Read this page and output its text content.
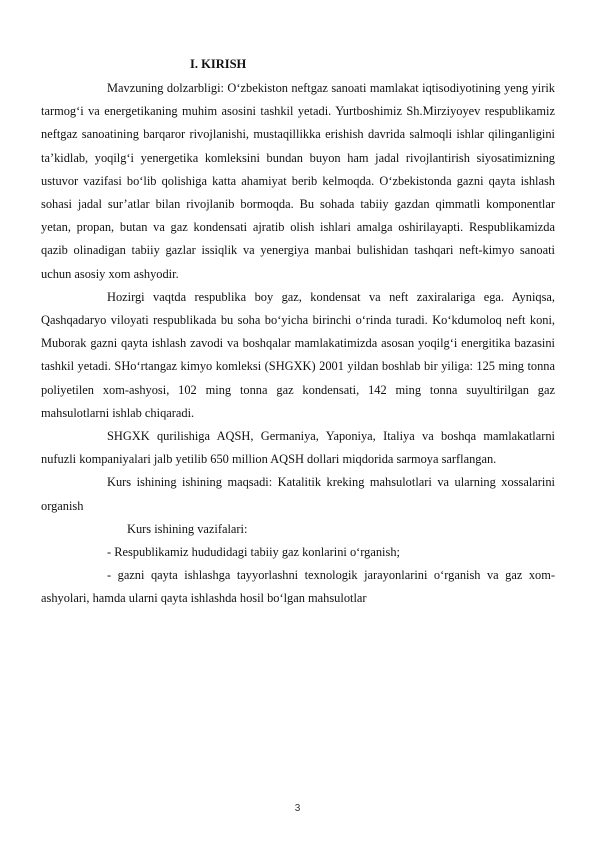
I. KIRISH

Mavzuning dolzarbligi: O‘zbekiston neftgaz sanoati mamlakat iqtisodiyotining yeng yirik tarmog‘i va energetikaning muhim asosini tashkil yetadi. Yurtboshimiz Sh.Mirziyoyev respublikamiz neftgaz sanoatining barqaror rivojlanishi, mustaqillikka erishish davrida salmoqli ishlar qilinganligini ta’kidlab, yoqilg‘i yenergetika komleksini bundan buyon ham jadal rivojlantirish siyosatimizning ustuvor vazifasi bo‘lib qolishiga katta ahamiyat berib kelmoqda. O‘zbekistonda gazni qayta ishlash sohasi jadal sur’atlar bilan rivojlanib bormoqda. Bu sohada tabiiy gazdan qimmatli komponentlar yetan, propan, butan va gaz kondensati ajratib olish ishlari amalga oshirilayapti. Respublikamizda qazib olinadigan tabiiy gazlar issiqlik va yenergiya manbai bulishidan tashqari neft-kimyo sanoati uchun asosiy xom ashyodir.

Hozirgi vaqtda respublika boy gaz, kondensat va neft zaxiralariga ega. Ayniqsa, Qashqadaryo viloyati respublikada bu soha bo‘yicha birinchi o‘rinda turadi. Ko‘kdumoloq neft koni, Muborak gazni qayta ishlash zavodi va boshqalar mamlakatimizda asosan yoqilg‘i energitika bazasini tashkil yetadi. SHo‘rtangaz kimyo komleksi (SHGXK) 2001 yildan boshlab bir yiliga: 125 ming tonna poliyetilen xom-ashyosi, 102 ming tonna gaz kondensati, 142 ming tonna suyultirilgan gaz mahsulotlarni ishlab chiqaradi.

SHGXK qurilishiga AQSH, Germaniya, Yaponiya, Italiya va boshqa mamlakatlarni nufuzli kompaniyalari jalb yetilib 650 million AQSH dollari miqdorida sarmoya sarflangan.

Kurs ishining ishining maqsadi: Katalitik kreking mahsulotlari va ularning xossalarini organish

Kurs ishining vazifalari:

- Respublikamiz hududidagi tabiiy gaz konlarini o‘rganish;

- gazni qayta ishlashga tayyorlashni texnologik jarayonlarini o‘rganish va gaz xom-ashyolari, hamda ularni qayta ishlashda hosil bo‘lgan mahsulotlar

3
